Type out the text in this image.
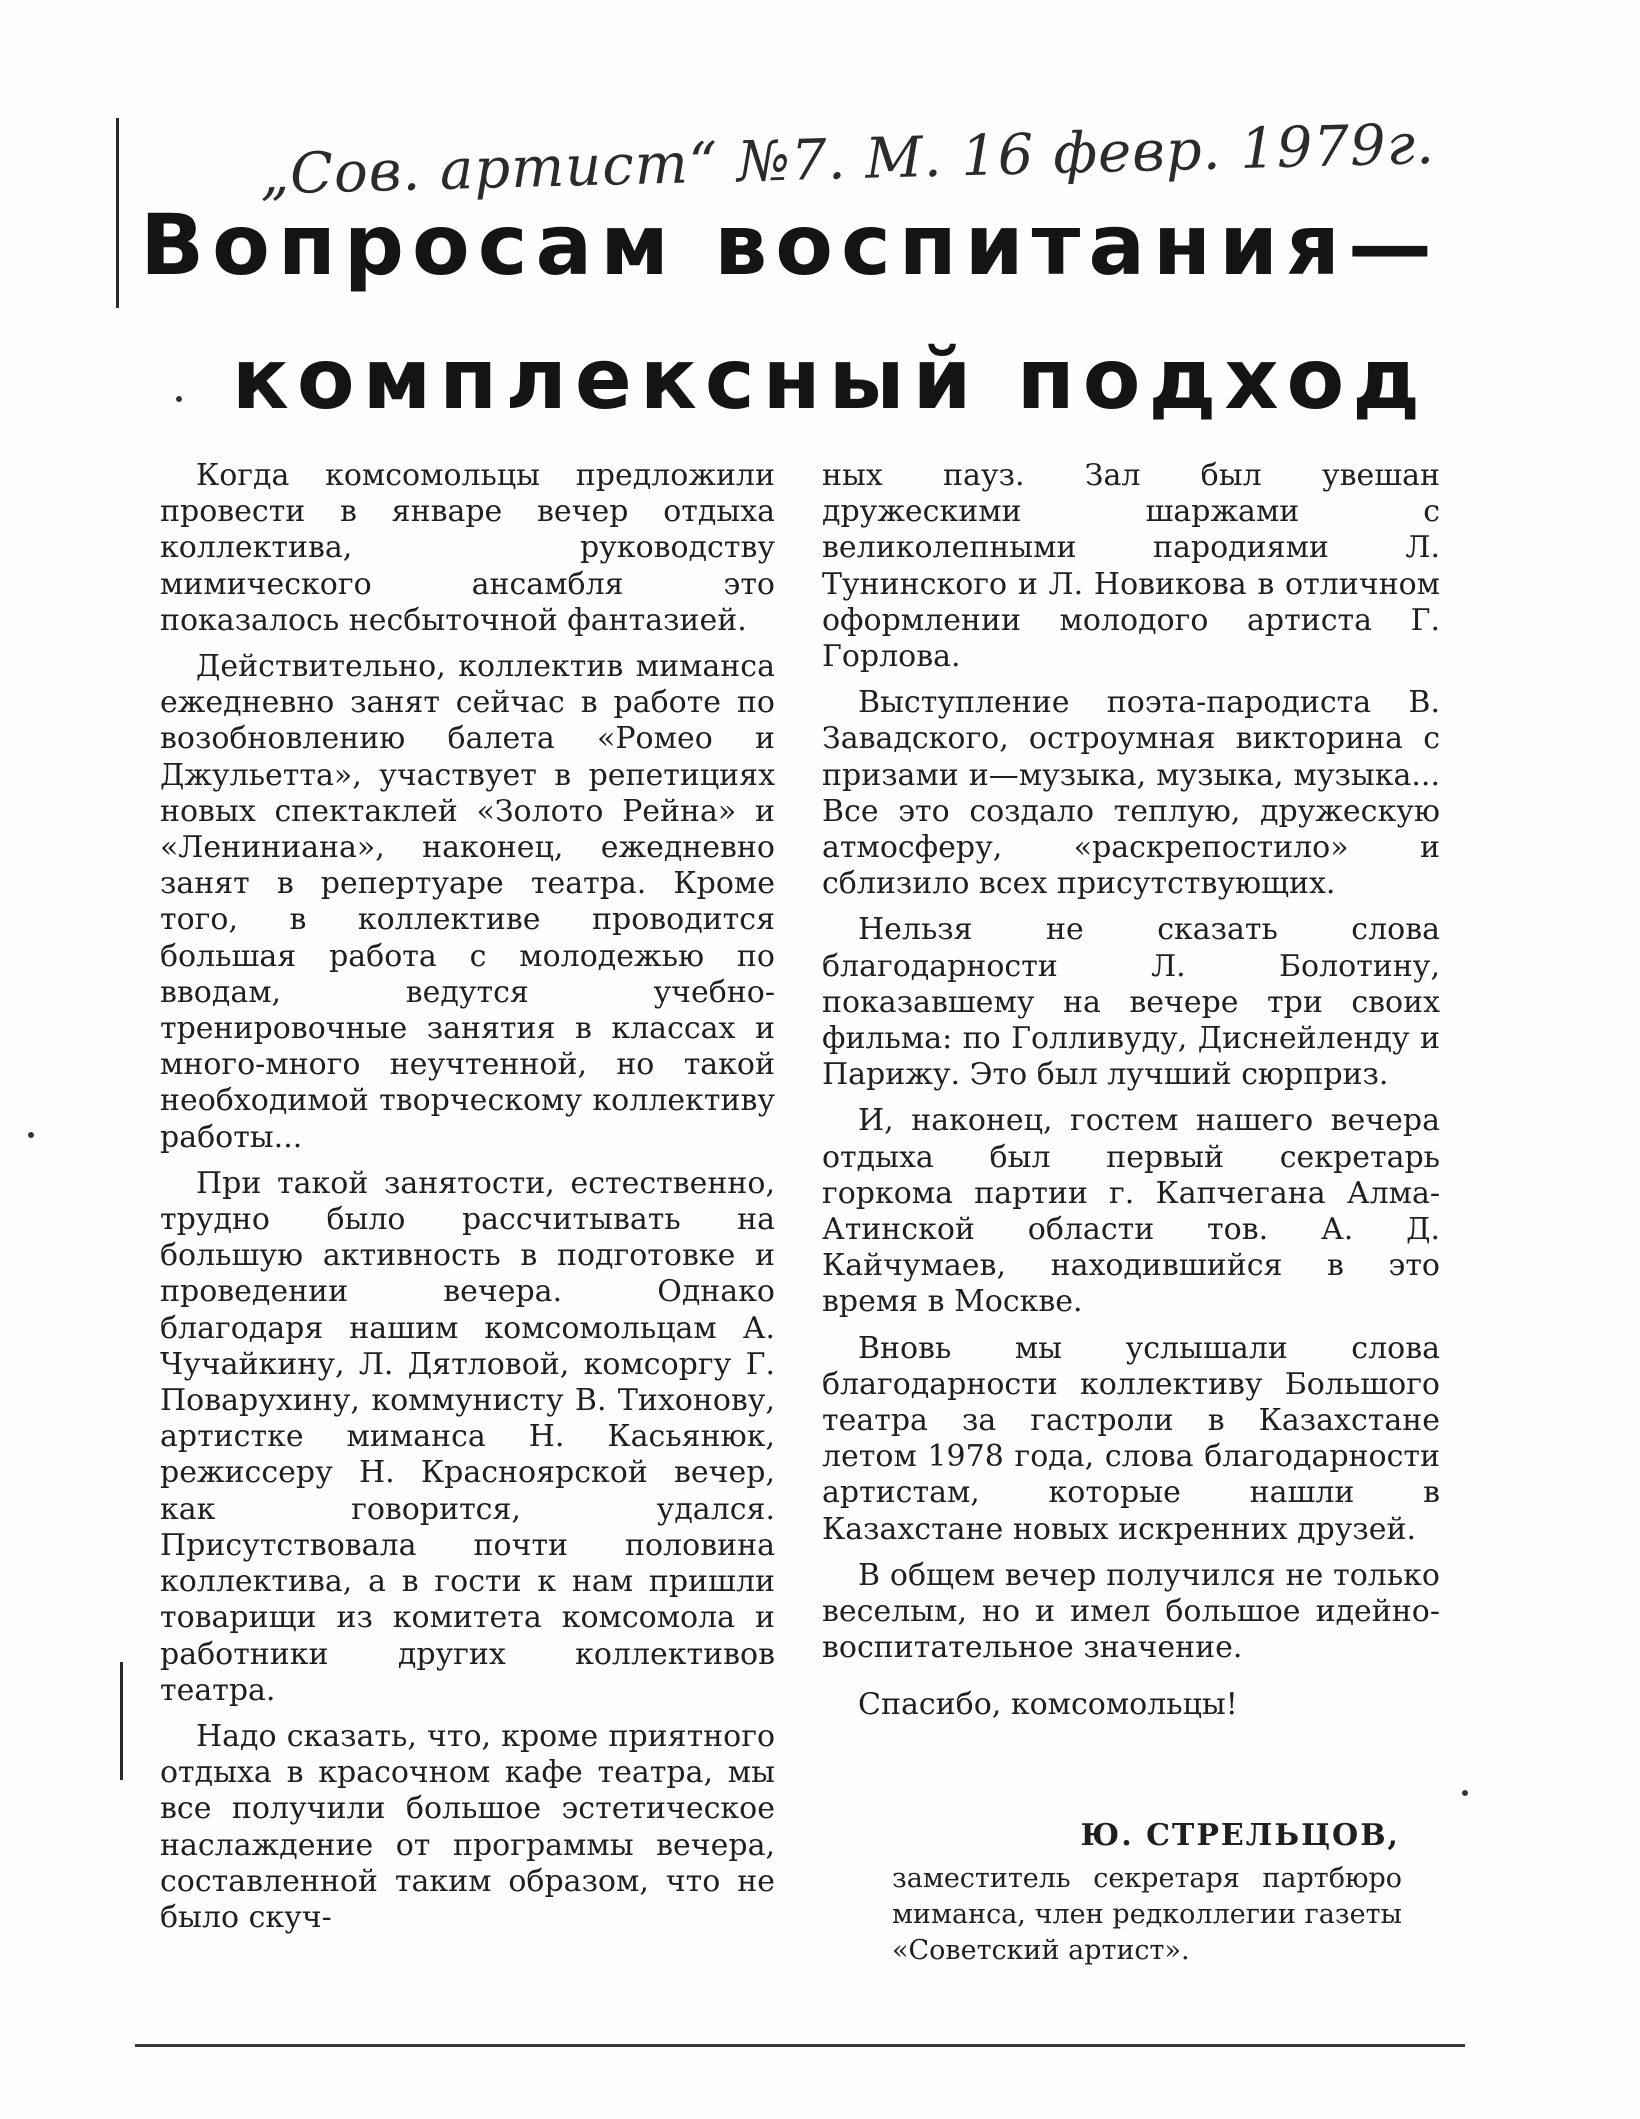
„Сов. артист“ №7. М. 16 февр. 1979г.
Вопросам воспитания—
комплексный подход

Когда комсомольцы предложили провести в январе вечер отдыха коллектива, руководству мимического ансамбля это показалось несбыточной фантазией.

Действительно, коллектив миманса ежедневно занят сейчас в работе по возобновлению балета «Ромео и Джульетта», участвует в репетициях новых спектаклей «Золото Рейна» и «Лениниана», наконец, ежедневно занят в репертуаре театра. Кроме того, в коллективе проводится большая работа с молодежью по вводам, ведутся учебно-тренировочные занятия в классах и много-много неучтенной, но такой необходимой творческому коллективу работы...

При такой занятости, естественно, трудно было рассчитывать на большую активность в подготовке и проведении вечера. Однако благодаря нашим комсомольцам А. Чучайкину, Л. Дятловой, комсоргу Г. Поварухину, коммунисту В. Тихонову, артистке миманса Н. Касьянюк, режиссеру Н. Красноярской вечер, как говорится, удался. Присутствовала почти половина коллектива, а в гости к нам пришли товарищи из комитета комсомола и работники других коллективов театра.

Надо сказать, что, кроме приятного отдыха в красочном кафе театра, мы все получили большое эстетическое наслаждение от программы вечера, составленной таким образом, что не было скуч-

ных пауз. Зал был увешан дружескими шаржами с великолепными пародиями Л. Тунинского и Л. Новикова в отличном оформлении молодого артиста Г. Горлова.

Выступление поэта-пародиста В. Завадского, остроумная викторина с призами и—музыка, музыка, музыка... Все это создало теплую, дружескую атмосферу, «раскрепостило» и сблизило всех присутствующих.

Нельзя не сказать слова благодарности Л. Болотину, показавшему на вечере три своих фильма: по Голливуду, Диснейленду и Парижу. Это был лучший сюрприз.

И, наконец, гостем нашего вечера отдыха был первый секретарь горкома партии г. Капчегана Алма-Атинской области тов. А. Д. Кайчумаев, находившийся в это время в Москве.

Вновь мы услышали слова благодарности коллективу Большого театра за гастроли в Казахстане летом 1978 года, слова благодарности артистам, которые нашли в Казахстане новых искренних друзей.

В общем вечер получился не только веселым, но и имел большое идейно-воспитательное значение.

Спасибо, комсомольцы!

Ю. СТРЕЛЬЦОВ,
заместитель секретаря партбюро миманса, член редколлегии газеты «Советский артист».
